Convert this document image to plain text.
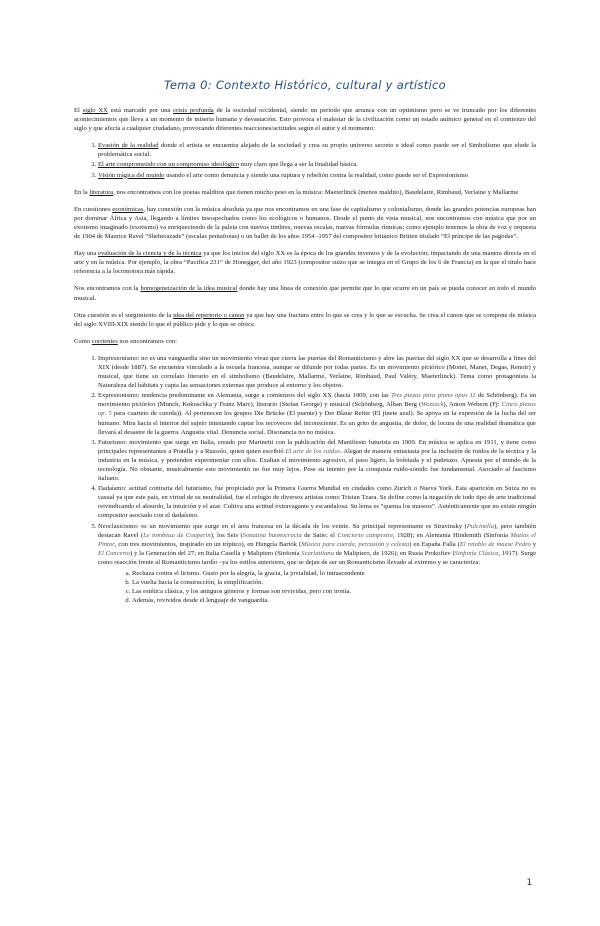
Tema 0: Contexto Histórico, cultural y artístico

El siglo XX está marcado por una crisis profunda de la sociedad occidental, siendo un periodo que arranca con un optimismo pero se ve truncado por los diferentes acontecimientos que lleva a un momento de miseria humana y devastación. Esto provoca el malestar de la civilización como un estado anímico general en el comienzo del siglo y que afecta a cualquier ciudadano, provocando diferentes reacciones/actitudes según el autor y el momento:

1. Evasión de la realidad donde el artista se encuentra alejado de la sociedad y crea su propio universo secreto e ideal como puede ser el Simbolismo que elude la problemática social.
2. El arte comprometido con un compromiso ideológico muy claro que llega a ser la finalidad básica.
3. Visión trágica del mundo usando el arte como denuncia y siendo una ruptura y rebelión contra la realidad, como puede ser el Expresionismo

En la literatura, nos encontramos con los poetas malditos que tienen mucho peso en la música: Maeterlinck (menos maldito), Baudelaire, Rimbaud, Verlaine y Mallarme

En cuestiones económicas, hay conexión con la música absoluta ya que nos encontramos en una fase de capitalismo y colonialismo, donde las grandes potencias europeas han por dominar África y Asia, llegando a límites insospechados como los ecológicos o humanos. Desde el punto de vista musical, nos encontramos con música que por un exotismo imaginado (exotismo) va enriqueciendo de la paleta con nuevos timbres, nuevas escalas, nuevas fórmulas rítmicas; como ejemplo tenemos la obra de voz y orquesta de 1904 de Maurice Ravel “Sheherazade” (escalas pentafonas) o un ballet de los años 1954 -1957 del compositor británico Britten titulado “El príncipe de las pagodas”.

Hay una evaluación de la ciencia y de la técnica ya que los inicios del siglo XX es la época de los grandes inventos y de la evolución; impactando de una manera directa en el arte y en la música. Por ejemplo, la obra “Pacifica 231” de Honegger, del año 1923 (compositor suizo que se integra en el Grupo de los 6 de Francia) en la que el título hace referencia a la locomotora más rápida.

Nos encontramos con la homogeneización de la idea musical donde hay una línea de conexión que permite que lo que ocurre en un país se pueda conocer en todo el mundo musical.

Otra cuestión es el surgimiento de la idea del repertorio o canon ya que hay una fractura entre lo que se crea y lo que se escucha. Se crea el canon que se compone de música del siglo XVIII-XIX siendo lo que el público pide y lo que se ofrece.

Como corrientes nos encontramos con:

1. Impresionismo: no es una vanguardia sino un movimiento vivaz que cierra las puertas del Romanticismo y abre las puertas del siglo XX que se desarrolla a fines del XIX (desde 1887). Se encuentra vinculado a la escuela francesa, aunque se difunde por todas partes. Es un movimiento pictórico (Monet, Manet, Degas, Renoir) y musical, que tiene su correlato literario en el simbolismo (Baudelaire, Mallarmé, Verlaine, Rimbaud, Paul Valéry, Maeterlinck). Tema como protagonista la Naturaleza del hábitats y capta las sensaciones externas que produce al entorno y los objetos.
2. Expresionismo: tendencia predominante en Alemania, surge a comienzos del siglo XX (hacia 1909, con las Tres piezas para piano opus 11 de Schönberg). Es un movimiento pictórico (Munch, Kokoschka y Franz Marc), literario (Stefan George) y musical (Schönberg, Alban Berg (Wozzeck), Anton Webern (Fj: Cinco piezas op. 5 para cuarteto de cuerda)). Al pertenecen los grupos Die Brücke (El puente) y Der Blaue Reiter (El jinete azul). Se apoya en la expresión de la lucha del ser humano. Mira hacia el interior del sujeto intentando captar los recovecos del inconsciente. Es un grito de angustia, de dolor, de locura de una realidad dramática que llevará al desastre de la guerra. Angustia vital. Denuncia social. Disonancia no no música.
3. Futurismo: movimiento que surge en Italia, creado por Marinetti con la publicación del Manifiesto futurista en 1909. En música se aplica en 1911, y tiene como principales representantes a Pratella y a Russolo, quien quien escribió El arte de los ruidos. Alegan de manera entusiasta por la inclusión de ruidos de la técnica y la industria en la música, y pretenden experimentar con ellos. Exaltan el movimiento agresivo, el paso ligero, la bofetada y el puñetazo. Apuesta por el mundo de la tecnología. No obstante, musicalmente este movimiento no fue muy lejos. Pese su intento por la conquista ruido-sonido fue fundamental. Asociado al fascismo italiano.
4. Dadaísmo: actitud contraria del futurismo, fue propiciado por la Primera Guerra Mundial en ciudades como Zurich o Nueva York. Esta aparición en Suiza no es casual ya que este país, en virtud de su neutralidad, fue el refugio de diversos artistas como Tristan Tzara. Se define como la negación de todo tipo de arte tradicional reivindicando el absurdo, la intuición y el azar. Cultiva una actitud extravagante y escandalosa. Su lema es “quema los museos”. Auténticamente que no existe ningún compositor asociado con el dadaísmo.
5. Neoclasicismo: es un movimiento que surge en el área francesa en la década de los veinte. Su principal representante es Stravinsky (Pulcinella), pero también destacan Ravel (Le tombeau de Couperin), los Seis (Sonatina buonocracia de Satie; el Concierto campestre, 1928); en Alemania Hindemith (Sinfonía Matías el Pintor, con tres movimientos, inspirado en un tríptico), en Hungría Bartók (Música para cuerda, percusión y celesta) en España Falla (El retablo de maese Pedro y El Concerto) y la Generación del 27; en Italia Casella y Malipiero (Sinfonía Scarlattiana de Malipiero, de 1926); en Rusia Prokofiev (Sinfonía Clásica, 1917). Surge como reacción frente al Romanticismo tardío –ya los estilos anteriores, que se dejan de ser un Romanticismo llevado al extremo y se caracteriza:
a. Rechaza contra el lirismo. Gusto por la alegría, la gracia, la jovialidad, lo intrascendente
b. La vuelta hacia la construcción, la simplificación.
c. Las estética clásica, y los antiguos géneros y formas son revividas, pero con ironía.
d. Además, revividos desde el lenguaje de vanguardia.
1
